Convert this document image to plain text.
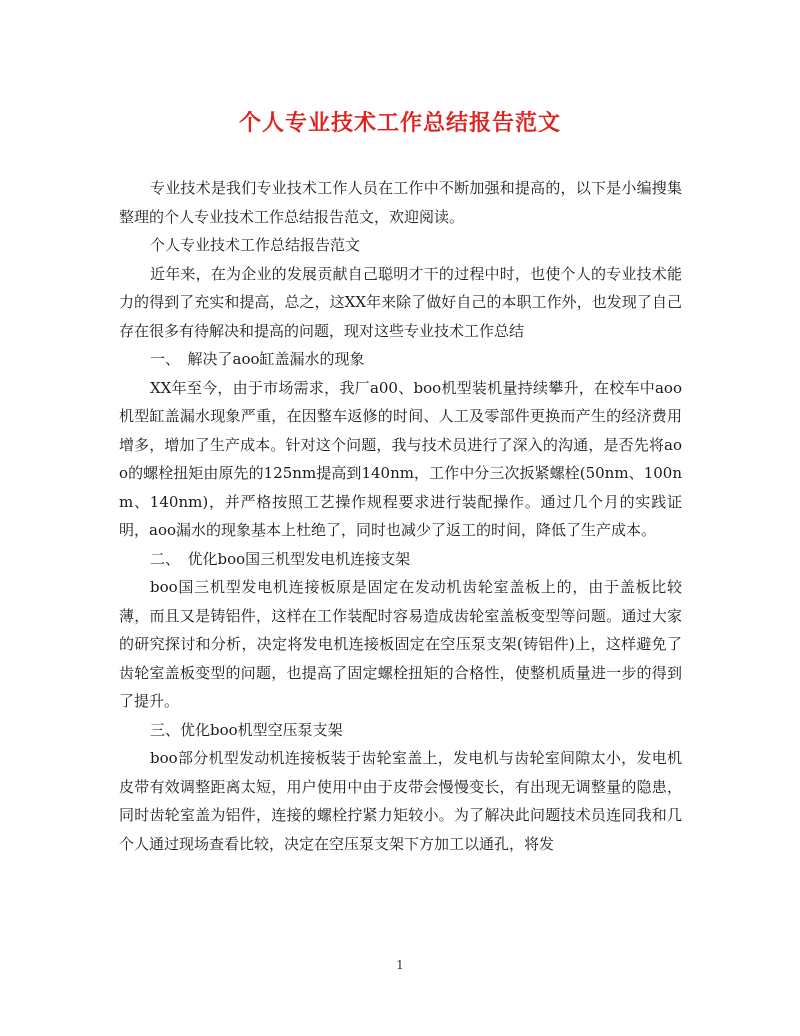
个人专业技术工作总结报告范文

专业技术是我们专业技术工作人员在工作中不断加强和提高的，以下是小编搜集整理的个人专业技术工作总结报告范文，欢迎阅读。

个人专业技术工作总结报告范文

近年来，在为企业的发展贡献自己聪明才干的过程中时，也使个人的专业技术能力的得到了充实和提高，总之，这XX年来除了做好自己的本职工作外，也发现了自己存在很多有待解决和提高的问题，现对这些专业技术工作总结

一、　解决了aoo缸盖漏水的现象

XX年至今，由于市场需求，我厂a00、boo机型装机量持续攀升，在校车中aoo机型缸盖漏水现象严重，在因整车返修的时间、人工及零部件更换而产生的经济费用增多，增加了生产成本。针对这个问题，我与技术员进行了深入的沟通，是否先将aoo的螺栓扭矩由原先的125nm提高到140nm，工作中分三次扳紧螺栓(50nm、100nm、140nm)，并严格按照工艺操作规程要求进行装配操作。通过几个月的实践证明，aoo漏水的现象基本上杜绝了，同时也减少了返工的时间，降低了生产成本。

二、　优化boo国三机型发电机连接支架

boo国三机型发电机连接板原是固定在发动机齿轮室盖板上的，由于盖板比较薄，而且又是铸铝件，这样在工作装配时容易造成齿轮室盖板变型等问题。通过大家的研究探讨和分析，决定将发电机连接板固定在空压泵支架(铸铝件)上，这样避免了齿轮室盖板变型的问题，也提高了固定螺栓扭矩的合格性，使整机质量进一步的得到了提升。

三、优化boo机型空压泵支架

boo部分机型发动机连接板装于齿轮室盖上，发电机与齿轮室间隙太小，发电机皮带有效调整距离太短，用户使用中由于皮带会慢慢变长，有出现无调整量的隐患，同时齿轮室盖为铝件，连接的螺栓拧紧力矩较小。为了解决此问题技术员连同我和几个人通过现场查看比较，决定在空压泵支架下方加工以通孔，将发

1
